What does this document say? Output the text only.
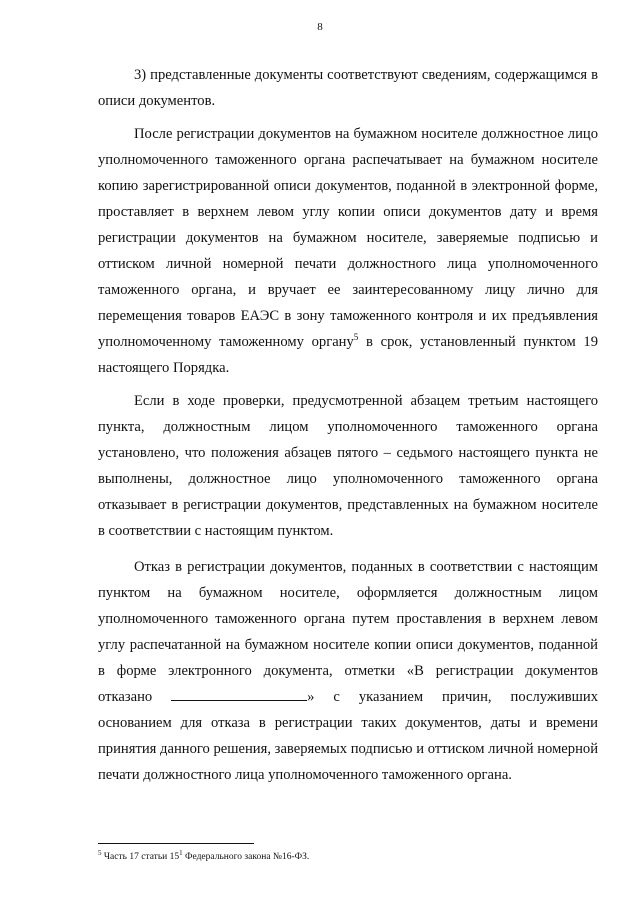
8

3) представленные документы соответствуют сведениям, содержащимся в описи документов.

После регистрации документов на бумажном носителе должностное лицо уполномоченного таможенного органа распечатывает на бумажном носителе копию зарегистрированной описи документов, поданной в электронной форме, проставляет в верхнем левом углу копии описи документов дату и время регистрации документов на бумажном носителе, заверяемые подписью и оттиском личной номерной печати должностного лица уполномоченного таможенного органа, и вручает ее заинтересованному лицу лично для перемещения товаров ЕАЭС в зону таможенного контроля и их предъявления уполномоченному таможенному органу$^5$ в срок, установленный пунктом 19 настоящего Порядка.

Если в ходе проверки, предусмотренной абзацем третьим настоящего пункта, должностным лицом уполномоченного таможенного органа установлено, что положения абзацев пятого – седьмого настоящего пункта не выполнены, должностное лицо уполномоченного таможенного органа отказывает в регистрации документов, представленных на бумажном носителе в соответствии с настоящим пунктом.

Отказ в регистрации документов, поданных в соответствии с настоящим пунктом на бумажном носителе, оформляется должностным лицом уполномоченного таможенного органа путем проставления в верхнем левом углу распечатанной на бумажном носителе копии описи документов, поданной в форме электронного документа, отметки «В регистрации документов отказано	» с указанием причин, послуживших основанием для отказа в регистрации таких документов, даты и времени принятия данного решения, заверяемых подписью и оттиском личной номерной печати должностного лица уполномоченного таможенного органа.

$^5$ Часть 17 статьи $15^1$ Федерального закона №16-ФЗ.
